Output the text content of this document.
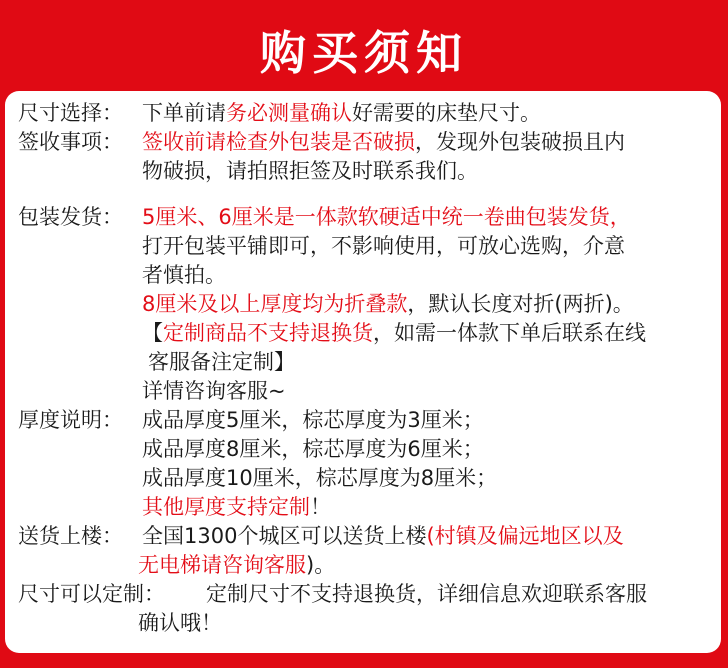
购买须知
尺寸选择： 下单前请务必测量确认好需要的床垫尺寸。
签收事项： 签收前请检查外包装是否破损，发现外包装破损且内
物破损，请拍照拒签及时联系我们。
包装发货： 5厘米、6厘米是一体款软硬适中统一卷曲包装发货，
打开包装平铺即可，不影响使用，可放心选购，介意
者慎拍。
8厘米及以上厚度均为折叠款，默认长度对折(两折)。
【定制商品不支持退换货，如需一体款下单后联系在线
客服备注定制】
详情咨询客服~
厚度说明： 成品厚度5厘米，棕芯厚度为3厘米；
成品厚度8厘米，棕芯厚度为6厘米；
成品厚度10厘米，棕芯厚度为8厘米；
其他厚度支持定制！
送货上楼： 全国1300个城区可以送货上楼(村镇及偏远地区以及
无电梯请咨询客服)。
尺寸可以定制： 定制尺寸不支持退换货，详细信息欢迎联系客服
确认哦！
